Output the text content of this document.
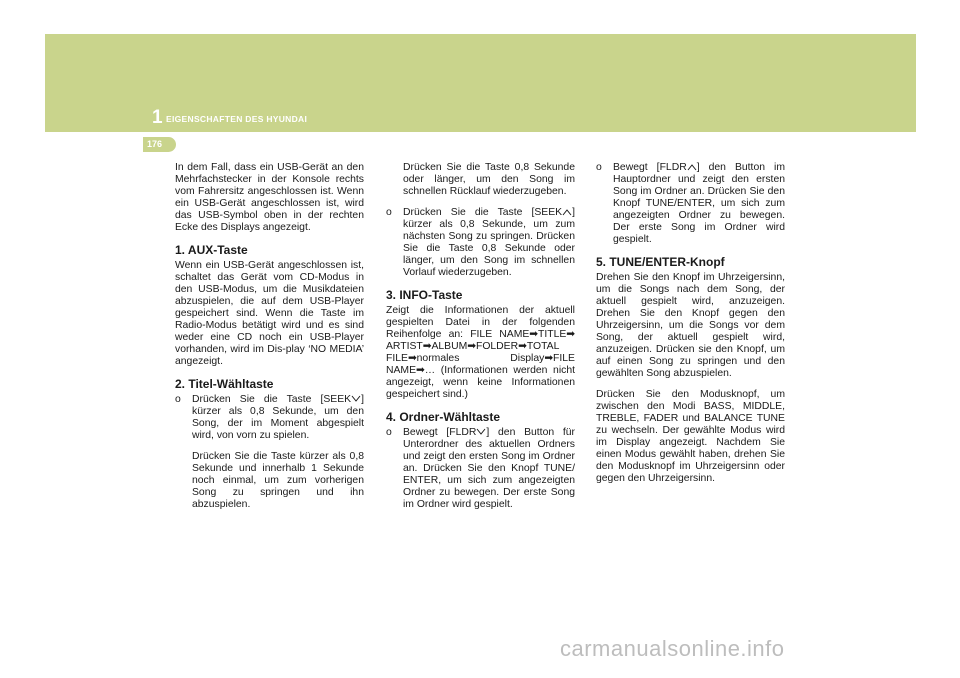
1 EIGENSCHAFTEN DES HYUNDAI
176

In dem Fall, dass ein USB-Gerät an den Mehrfachstecker in der Konsole rechts vom Fahrersitz angeschlossen ist. Wenn ein USB-Gerät angeschlossen ist, wird das USB-Symbol oben in der rechten Ecke des Displays angezeigt.

1. AUX-Taste

Wenn ein USB-Gerät angeschlossen ist, schaltet das Gerät vom CD-Modus in den USB-Modus, um die Musikdateien abzuspielen, die auf dem USB-Player gespeichert sind. Wenn die Taste im Radio-Modus betätigt wird und es sind weder eine CD noch ein USB-Player vorhanden, wird im Dis-play ‘NO MEDIA’ angezeigt.

2. Titel-Wähltaste
o Drücken Sie die Taste [SEEK ] kürzer als 0,8 Sekunde, um den Song, der im Moment abgespielt wird, von vorn zu spielen.

Drücken Sie die Taste kürzer als 0,8 Sekunde und innerhalb 1 Sekunde noch einmal, um zum vorherigen Song zu springen und ihn abzuspielen.

Drücken Sie die Taste 0,8 Sekunde oder länger, um den Song im schnellen Rücklauf wiederzugeben.

o Drücken Sie die Taste [SEEK ] kürzer als 0,8 Sekunde, um zum nächsten Song zu springen. Drücken Sie die Taste 0,8 Sekunde oder länger, um den Song im schnellen Vorlauf wiederzugeben.
3. INFO-Taste

Zeigt die Informationen der aktuell gespielten Datei in der folgenden Reihenfolge an: FILE NAME➡TITLE➡ ARTIST➡ALBUM➡FOLDER➡TOTAL FILE➡normales Display➡FILE NAME➡… (Informationen werden nicht angezeigt, wenn keine Informationen gespeichert sind.)

4. Ordner-Wähltaste
o Bewegt [FLDR ] den Button für Unterordner des aktuellen Ordners und zeigt den ersten Song im Ordner an. Drücken Sie den Knopf TUNE/ ENTER, um sich zum angezeigten Ordner zu bewegen. Der erste Song im Ordner wird gespielt.
o Bewegt [FLDR ] den Button im Hauptordner und zeigt den ersten Song im Ordner an. Drücken Sie den Knopf TUNE/ENTER, um sich zum angezeigten Ordner zu bewegen. Der erste Song im Ordner wird gespielt.
5. TUNE/ENTER-Knopf

Drehen Sie den Knopf im Uhrzeigersinn, um die Songs nach dem Song, der aktuell gespielt wird, anzuzeigen. Drehen Sie den Knopf gegen den Uhrzeigersinn, um die Songs vor dem Song, der aktuell gespielt wird, anzuzeigen. Drücken sie den Knopf, um auf einen Song zu springen und den gewählten Song abzuspielen.

Drücken Sie den Modusknopf, um zwischen den Modi BASS, MIDDLE, TREBLE, FADER und BALANCE TUNE zu wechseln. Der gewählte Modus wird im Display angezeigt. Nachdem Sie einen Modus gewählt haben, drehen Sie den Modusknopf im Uhrzeigersinn oder gegen den Uhrzeigersinn.

carmanualsonline.info
